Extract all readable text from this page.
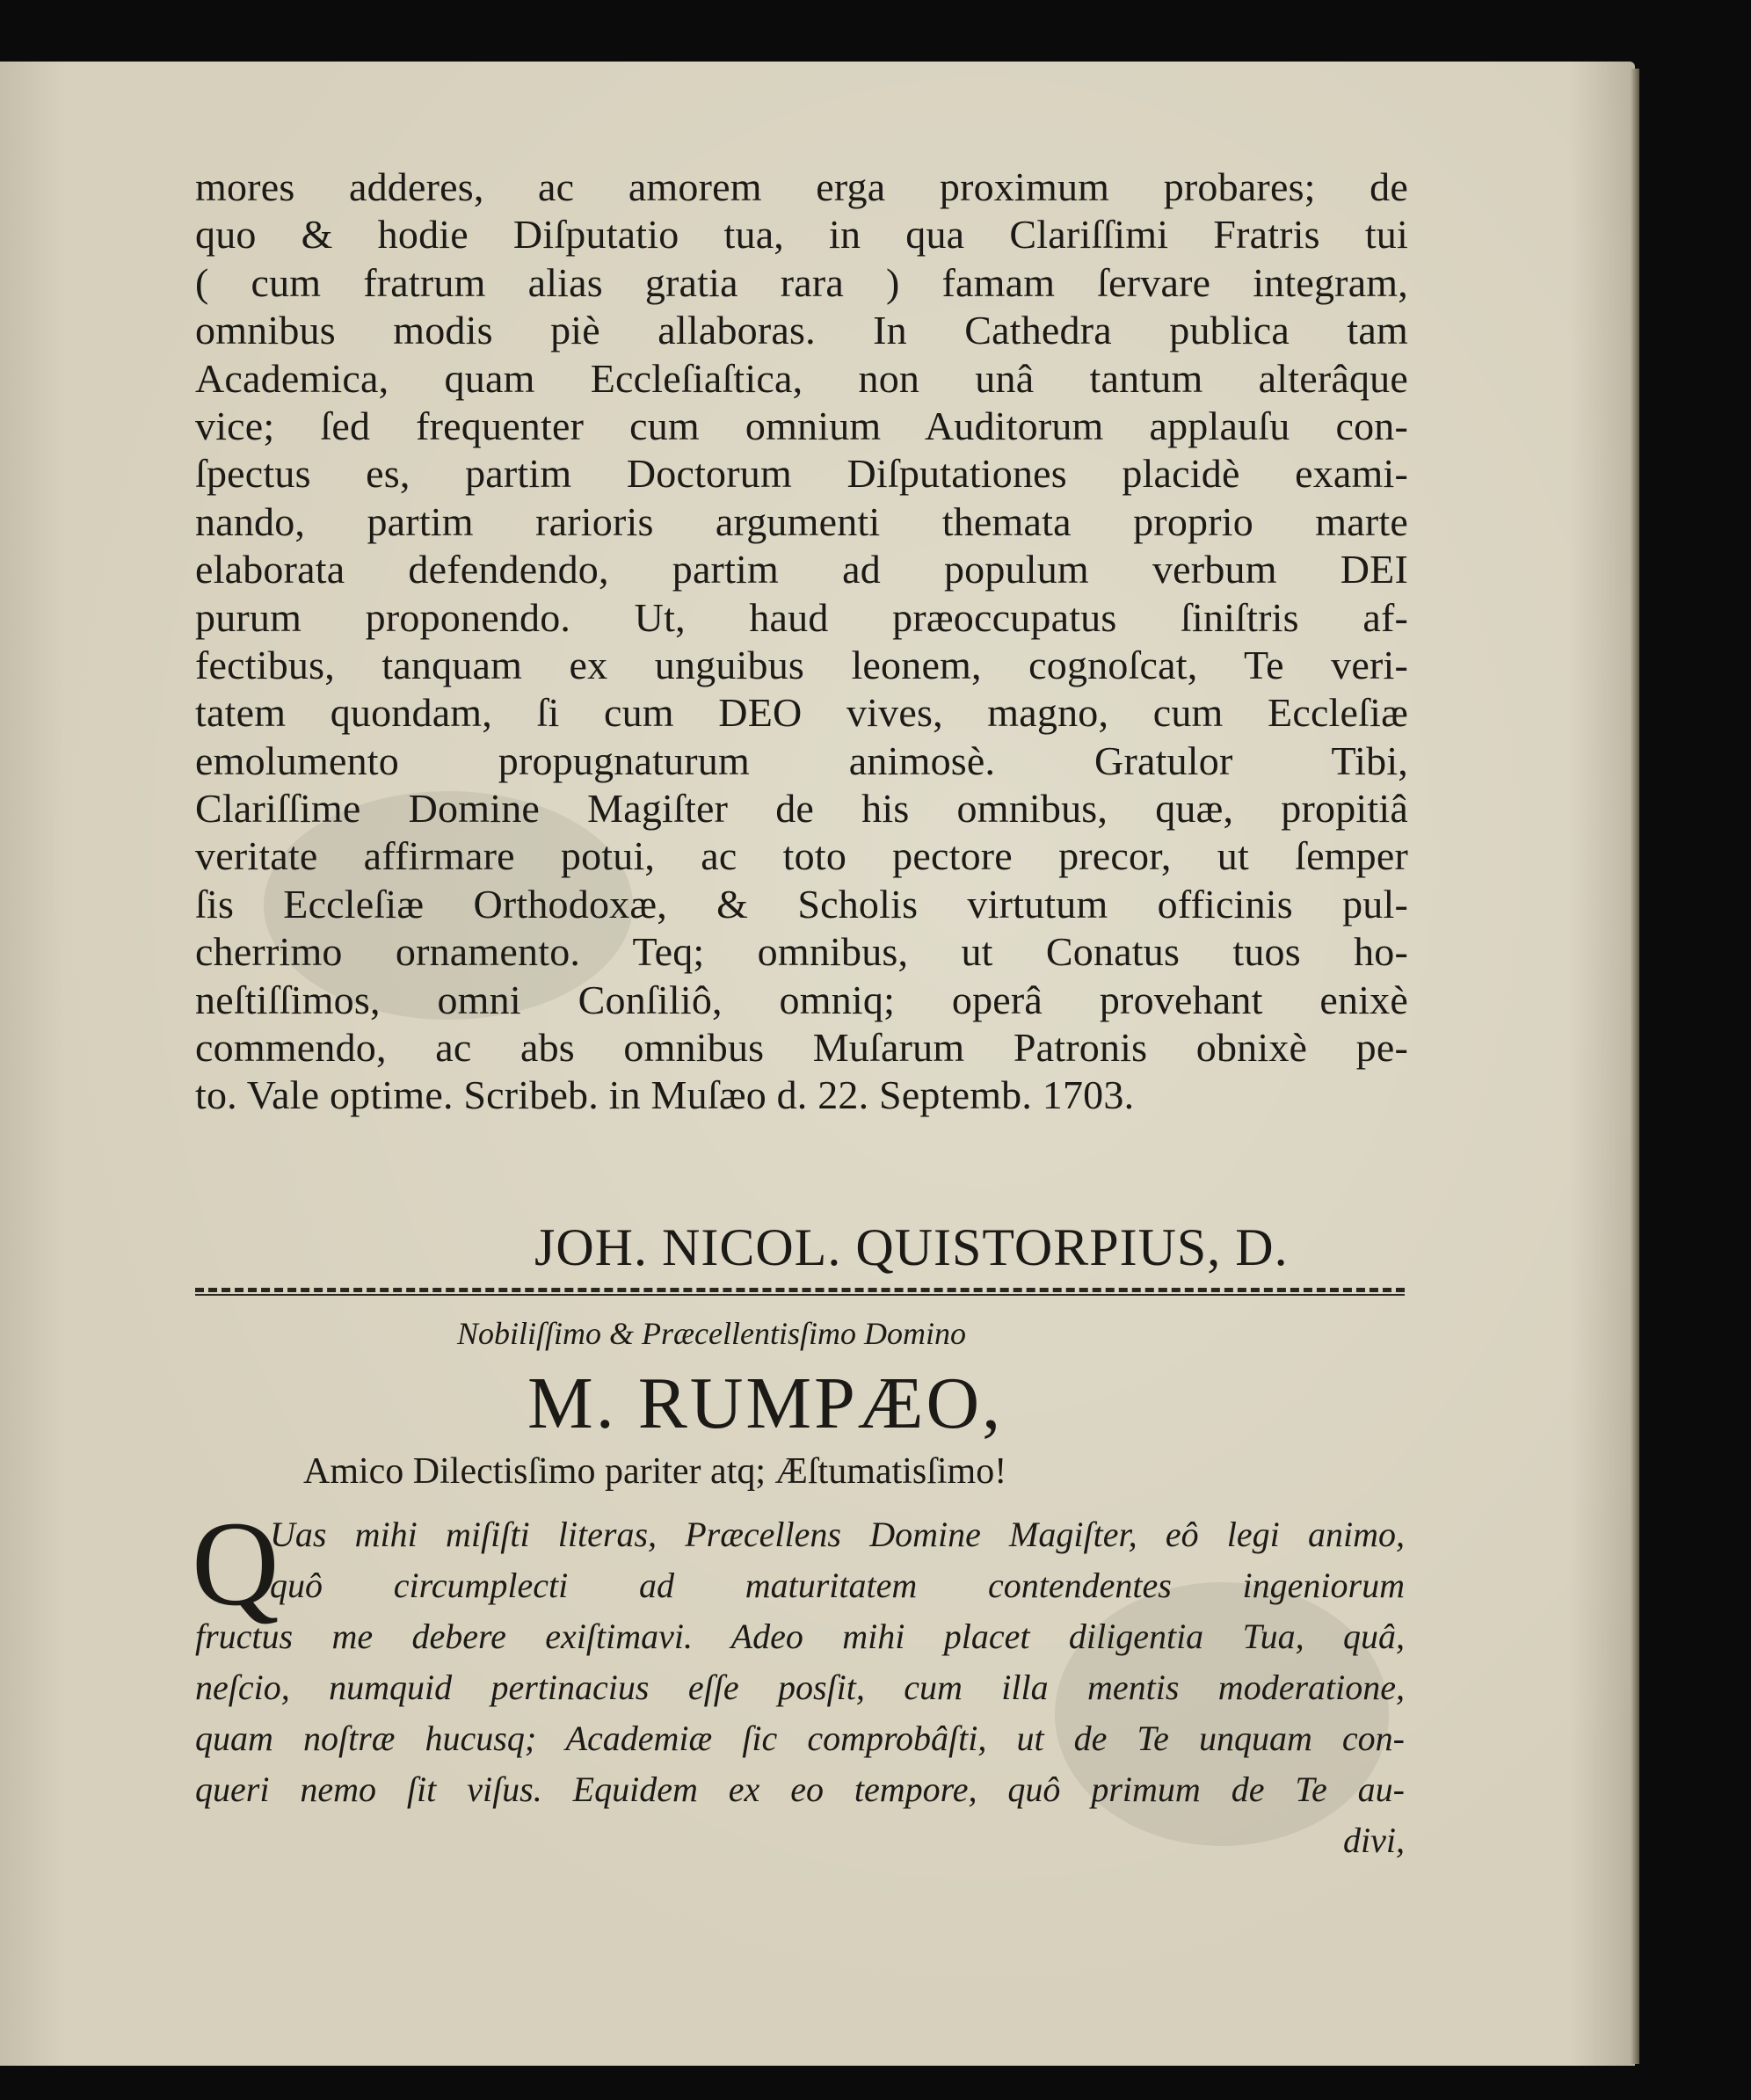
mores adderes, ac amorem erga proximum probares; de
quo & hodie Diſputatio tua, in qua Clariſſimi Fratris tui
( cum fratrum alias gratia rara ) famam ſervare integram,
omnibus modis piè allaboras. In Cathedra publica tam
Academica, quam Eccleſiaſtica, non unâ tantum alterâque
vice; ſed frequenter cum omnium Auditorum applauſu con-
ſpectus es, partim Doctorum Diſputationes placidè exami-
nando, partim rarioris argumenti themata proprio marte
elaborata defendendo, partim ad populum verbum DEI
purum proponendo. Ut, haud præoccupatus ſiniſtris af-
fectibus, tanquam ex unguibus leonem, cognoſcat, Te veri-
tatem quondam, ſi cum DEO vives, magno, cum Eccleſiæ
emolumento propugnaturum animosè. Gratulor Tibi,
Clariſſime Domine Magiſter de his omnibus, quæ, propitiâ
veritate affirmare potui, ac toto pectore precor, ut ſemper
ſis Eccleſiæ Orthodoxæ, & Scholis virtutum officinis pul-
cherrimo ornamento. Teq; omnibus, ut Conatus tuos ho-
neſtiſſimos, omni Conſiliô, omniq; operâ provehant enixè
commendo, ac abs omnibus Muſarum Patronis obnixè pe-
to. Vale optime. Scribeb. in Muſæo d. 22. Septemb. 1703.
JOH. NICOL. QUISTORPIUS, D.
Nobiliſſimo & Præcellentisſimo Domino
M. RUMPÆO,
Amico Dilectisſimo pariter atq; Æſtumatisſimo!
Q
Uas mihi miſiſti literas, Præcellens Domine Magiſter, eô legi animo,
quô circumplecti ad maturitatem contendentes ingeniorum
fructus me debere exiſtimavi. Adeo mihi placet diligentia Tua, quâ,
neſcio, numquid pertinacius eſſe posſit, cum illa mentis moderatione,
quam noſtræ hucusq; Academiæ ſic comprobâſti, ut de Te unquam con-
queri nemo ſit viſus. Equidem ex eo tempore, quô primum de Te au-
divi,
